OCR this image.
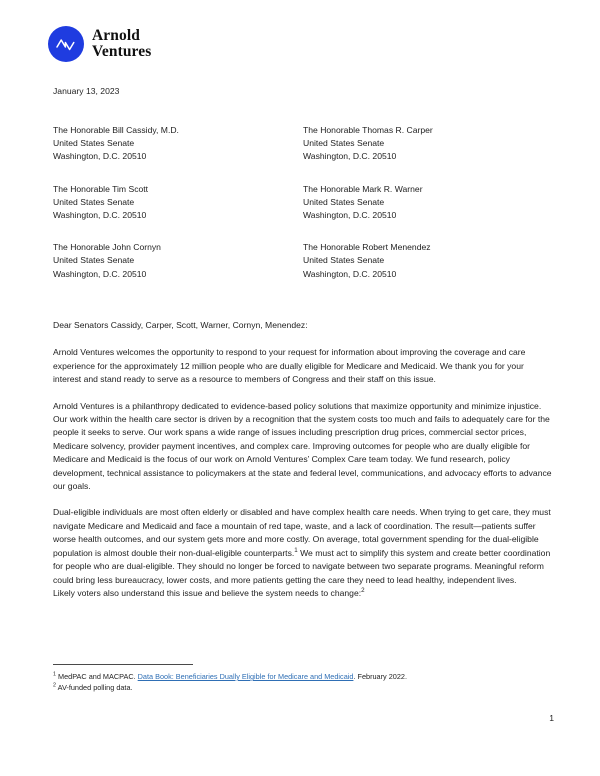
Arnold
Ventures
January 13, 2023
The Honorable Bill Cassidy, M.D.
United States Senate
Washington, D.C. 20510
The Honorable Thomas R. Carper
United States Senate
Washington, D.C. 20510
The Honorable Tim Scott
United States Senate
Washington, D.C. 20510
The Honorable Mark R. Warner
United States Senate
Washington, D.C. 20510
The Honorable John Cornyn
United States Senate
Washington, D.C. 20510
The Honorable Robert Menendez
United States Senate
Washington, D.C. 20510
Dear Senators Cassidy, Carper, Scott, Warner, Cornyn, Menendez:

Arnold Ventures welcomes the opportunity to respond to your request for information about improving the coverage and care experience for the approximately 12 million people who are dually eligible for Medicare and Medicaid. We thank you for your interest and stand ready to serve as a resource to members of Congress and their staff on this issue.

Arnold Ventures is a philanthropy dedicated to evidence-based policy solutions that maximize opportunity and minimize injustice. Our work within the health care sector is driven by a recognition that the system costs too much and fails to adequately care for the people it seeks to serve. Our work spans a wide range of issues including prescription drug prices, commercial sector prices, Medicare solvency, provider payment incentives, and complex care. Improving outcomes for people who are dually eligible for Medicare and Medicaid is the focus of our work on Arnold Ventures’ Complex Care team today. We fund research, policy development, technical assistance to policymakers at the state and federal level, communications, and advocacy efforts to advance our goals.

Dual-eligible individuals are most often elderly or disabled and have complex health care needs. When trying to get care, they must navigate Medicare and Medicaid and face a mountain of red tape, waste, and a lack of coordination. The result—patients suffer worse health outcomes, and our system gets more and more costly. On average, total government spending for the dual-eligible population is almost double their non-dual-eligible counterparts.$^1$ We must act to simplify this system and create better coordination for people who are dual-eligible. They should no longer be forced to navigate between two separate programs. Meaningful reform could bring less bureaucracy, lower costs, and more patients getting the care they need to lead healthy, independent lives.

Likely voters also understand this issue and believe the system needs to change:$^2$

$^1$ MedPAC and MACPAC. Data Book: Beneficiaries Dually Eligible for Medicare and Medicaid. February 2022.
$^2$ AV-funded polling data.
1
